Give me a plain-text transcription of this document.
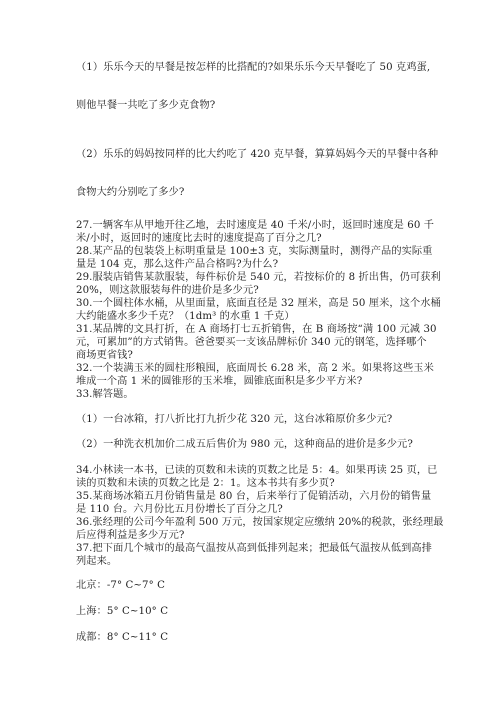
（1）乐乐今天的早餐是按怎样的比搭配的?如果乐乐今天早餐吃了 50 克鸡蛋,

则他早餐一共吃了多少克食物?

（2）乐乐的妈妈按同样的比大约吃了 420 克早餐，算算妈妈今天的早餐中各种

食物大约分别吃了多少?

27.一辆客车从甲地开往乙地，去时速度是 40 千米/小时，返回时速度是 60 千

米/小时，返回时的速度比去时的速度提高了百分之几?

28.某产品的包装袋上标明重量是 100±3 克，实际测量时，测得产品的实际重

量是 104 克，那么这件产品合格吗?为什么?

29.服装店销售某款服装，每件标价是 540 元，若按标价的 8 折出售，仍可获利

20%，则这款服装每件的进价是多少元?

30.一个圆柱体水桶，从里面量，底面直径是 32 厘米，高是 50 厘米，这个水桶

大约能盛水多少千克？（1dm³ 的水重 1 千克）

31.某品牌的文具打折，在 A 商场打七五折销售，在 B 商场按“满 100 元减 30

元，可累加”的方式销售。爸爸要买一支该品牌标价 340 元的钢笔，选择哪个

商场更省钱?

32.一个装满玉米的圆柱形粮囤，底面周长 6.28 米，高 2 米。如果将这些玉米

堆成一个高 1 米的圆锥形的玉米堆，圆锥底面积是多少平方米?

33.解答题。

（1）一台冰箱，打八折比打九折少花 320 元，这台冰箱原价多少元?

（2）一种洗衣机加价二成五后售价为 980 元，这种商品的进价是多少元?

34.小林读一本书，已读的页数和未读的页数之比是 5：4。如果再读 25 页，已

读的页数和未读的页数之比是 2：1。这本书共有多少页?

35.某商场冰箱五月份销售量是 80 台，后来举行了促销活动，六月份的销售量

是 110 台。六月份比五月份增长了百分之几?

36.张经理的公司今年盈利 500 万元，按国家规定应缴纳 20%的税款，张经理最

后应得利益是多少万元?

37.把下面几个城市的最高气温按从高到低排列起来；把最低气温按从低到高排

列起来。

北京：-7° C~7° C

上海：5° C~10° C

成都：8° C~11° C
